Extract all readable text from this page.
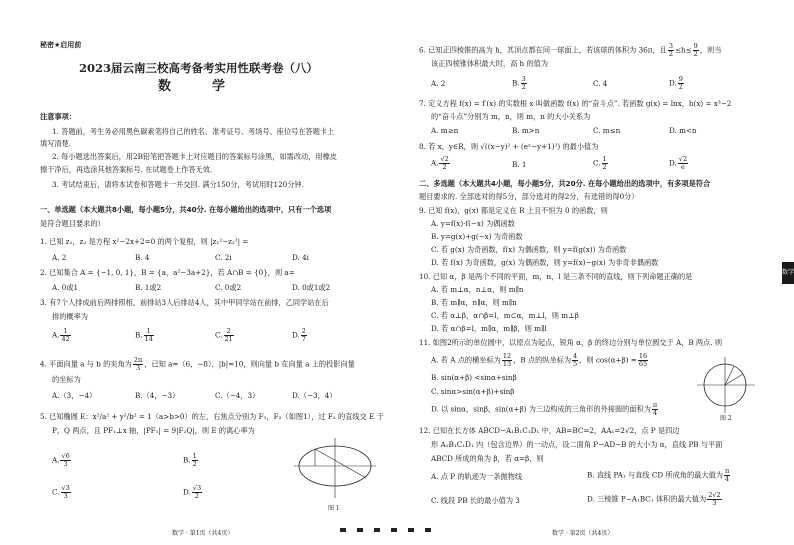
秘密★启用前
2023届云南三校高考备考实用性联考卷（八）
数　学
注意事项：
1. 答题前，考生务必用黑色碳素笔将自己的姓名、准考证号、考场号、座位号在答题卡上
填写清楚.
2. 每小题选出答案后，用2B铅笔把答题卡上对应题目的答案标号涂黑，如需改动，用橡皮
擦干净后，再选涂其他答案标号. 在试题卷上作答无效.
3. 考试结束后，请将本试卷和答题卡一并交回. 满分150分，考试用时120分钟.
一、单选题（本大题共8小题，每小题5分，共40分. 在每小题给出的选项中，只有一个选项
是符合题目要求的）
1. 已知 z₁，z₂ 是方程 x²−2x+2=0 的两个复根，则 |z₁²−z₂²| =
A. 2	B. 4	C. 2i	D. 4i
2. 已知集合 A = {−1, 0, 1}，B = {a，a²−3a+2}，若 A∩B = {0}，则 a=
A. 0或1	B. 1或2	C. 0或2	D. 0或1或2
3. 有7个人排成前后两排照相，前排站3人后排站4人，其中甲同学站在前排，乙同学站在后
排的概率为
A. $\frac{1}{42}$	B. $\frac{1}{14}$	C. $\frac{2}{21}$	D. $\frac{2}{7}$
4. 平面向量 a 与 b 的夹角为 $\frac{2\pi}{3}$ ，已知 a=（6，−8），|b|=10，则向量 b 在向量 a 上的投影向量
的坐标为
A.（3，−4）	B.（4，−3）	C.（−4，3）	D.（−3，4）
5. 已知椭圆 E：x²/a² + y²/b² = 1（a>b>0）的左，右焦点分别为 F₁，F₂（如图1），过 F₂ 的直线交 E 于
P，Q 两点，且 PF₁⊥x 轴，|PF₁| = 9|F₂Q|，则 E 的离心率为
A. $\frac{√6}{3}$	B. $\frac{1}{2}$
C. $\frac{√3}{3}$	D. $\frac{√3}{2}$
图 1
数学 · 第1页（共4页）
6. 已知正四棱锥的高为 h，其顶点都在同一球面上，若该球的体积为 36π，且 $\frac{3}{2} \le h\le \frac{9}{2}$ ，则当
该正四棱锥体积最大时，高 h 的值为
A. 2	B. $\frac{3}{2}$	C. 4	D. $\frac{9}{2}$
7. 定义方程 f(x) = f′(x) 的实数根 x 叫做函数 f(x) 的“奋斗点”. 若函数 g(x) = lnx，h(x) = x³−2
的“奋斗点”分别为 m，n，则 m，n 的大小关系为
A. m≥n	B. m>n	C. m≤n	D. m<n
8. 若 x，y∈R，则 √((x−y)² + (eˣ−y+1)²) 的最小值为
A. $\frac{√2}{2}$	B. 1	C. $\frac{1}{2}$	D. $\frac{√2}{e}$
二、多选题（本大题共4小题，每小题5分，共20分. 在每小题给出的选项中，有多项是符合
题目要求的. 全部选对的得5分，部分选对的得2分，有选错的得0分）
9. 已知 f(x)，g(x) 都是定义在 R 上且不恒为 0 的函数，则
A. y=f(x)·f(−x) 为偶函数
B. y=g(x)+g(−x) 为奇函数
C. 若 g(x) 为奇函数，f(x) 为偶函数，则 y=f(g(x)) 为奇函数
D. 若 f(x) 为奇函数，g(x) 为偶函数，则 y=f(x)−g(x) 为非奇非偶函数
10. 已知 α，β 是两个不同的平面，m，n，l 是三条不同的直线，则下列命题正确的是
A. 若 m⊥α，n⊥α，则 m∥n
B. 若 m∥α，n∥α，则 m∥n
C. 若 α⊥β，α∩β=l，m⊂α，m⊥l，则 m⊥β
D. 若 α∩β=l，m∥α，m∥β，则 m∥l
11. 如图2所示的单位圆中，以原点为起点，锐角 α，β 的终边分别与单位圆交于 A，B 两点. 则
A. 若 A 点的横坐标为 $\frac{12}{13}$ ，B 点的纵坐标为 $\frac{4}{5}$ ，则 $\cos(\alpha+\beta) = \frac{16}{65}$
B. sin(α+β) <sinα+sinβ
C. sinα>sin(α+β)+sinβ
D. 以 sinα，sinβ，sin(α+β) 为三边构成的三角形的外接圆的面积为 $\frac{\pi}{4}$
图 2
12. 已知在长方体 ABCD−A₁B₁C₁D₁ 中，AB=BC=2，AA₁=2√2，点 P 是四边
形 A₁B₁C₁D₁ 内（包含边界）的一动点，设二面角 P−AD−B 的大小为 α，直线 PB 与平面
ABCD 所成的角为 β，若 α=β，则
A. 点 P 的轨迹为一条抛物线	B. 直线 PA₁ 与直线 CD 所成角的最大值为 $\frac{\pi}{4}$
C. 线段 PB 长的最小值为 3	D. 三棱锥 P−A₁BC₁ 体积的最大值为 $\frac{2√2}{3}$
数学 · 第2页（共4页）
数学
